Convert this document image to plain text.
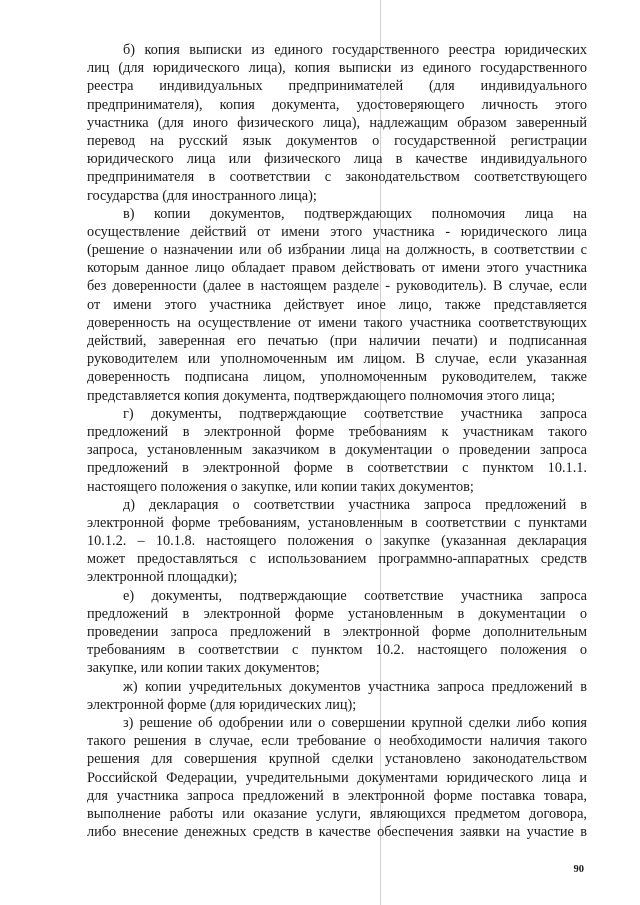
б) копия выписки из единого государственного реестра юридических
лиц (для юридического лица), копия выписки из единого государственного
реестра индивидуальных предпринимателей (для индивидуального
предпринимателя), копия документа, удостоверяющего личность этого
участника (для иного физического лица), надлежащим образом заверенный
перевод на русский язык документов о государственной регистрации
юридического лица или физического лица в качестве индивидуального
предпринимателя в соответствии с законодательством соответствующего
государства (для иностранного лица);
в) копии документов, подтверждающих полномочия лица на
осуществление действий от имени этого участника - юридического лица
(решение о назначении или об избрании лица на должность, в соответствии с
которым данное лицо обладает правом действовать от имени этого участника
без доверенности (далее в настоящем разделе - руководитель). В случае, если
от имени этого участника действует иное лицо, также представляется
доверенность на осуществление от имени такого участника соответствующих
действий, заверенная его печатью (при наличии печати) и подписанная
руководителем или уполномоченным им лицом. В случае, если указанная
доверенность подписана лицом, уполномоченным руководителем, также
представляется копия документа, подтверждающего полномочия этого лица;
г) документы, подтверждающие соответствие участника запроса
предложений в электронной форме требованиям к участникам такого
запроса, установленным заказчиком в документации о проведении запроса
предложений в электронной форме в соответствии с пунктом 10.1.1.
настоящего положения о закупке, или копии таких документов;
д) декларация о соответствии участника запроса предложений в
электронной форме требованиям, установленным в соответствии с пунктами
10.1.2. – 10.1.8. настоящего положения о закупке (указанная декларация
может предоставляться с использованием программно-аппаратных средств
электронной площадки);
е) документы, подтверждающие соответствие участника запроса
предложений в электронной форме установленным в документации о
проведении запроса предложений в электронной форме дополнительным
требованиям в соответствии с пунктом 10.2. настоящего положения о
закупке, или копии таких документов;
ж) копии учредительных документов участника запроса предложений в
электронной форме (для юридических лиц);
з) решение об одобрении или о совершении крупной сделки либо копия
такого решения в случае, если требование о необходимости наличия такого
решения для совершения крупной сделки установлено законодательством
Российской Федерации, учредительными документами юридического лица и
для участника запроса предложений в электронной форме поставка товара,
выполнение работы или оказание услуги, являющихся предметом договора,
либо внесение денежных средств в качестве обеспечения заявки на участие в
90
